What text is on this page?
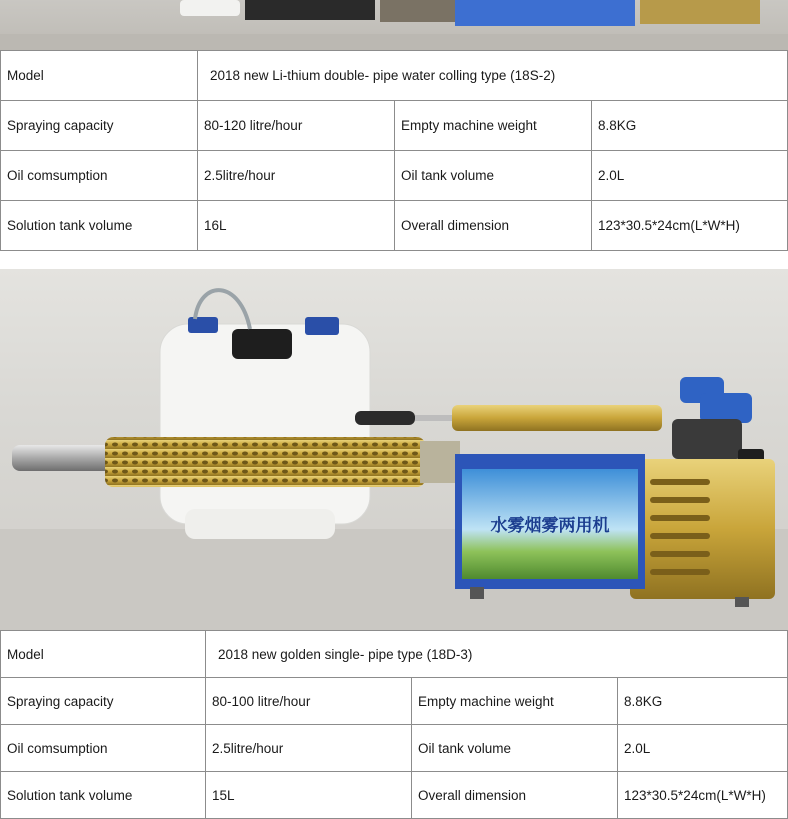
Model	2018 new Li-thium double- pipe water colling type (18S-2)		
Spraying capacity	80-120 litre/hour	Empty machine weight	8.8KG
Oil comsumption	2.5litre/hour	Oil tank volume	2.0L
Solution tank volume	16L	Overall dimension	123*30.5*24cm(L*W*H)
水雾烟雾两用机
Model	2018 new golden single- pipe type (18D-3)		
Spraying capacity	80-100 litre/hour	Empty machine weight	8.8KG
Oil comsumption	2.5litre/hour	Oil tank volume	2.0L
Solution tank volume	15L	Overall dimension	123*30.5*24cm(L*W*H)
